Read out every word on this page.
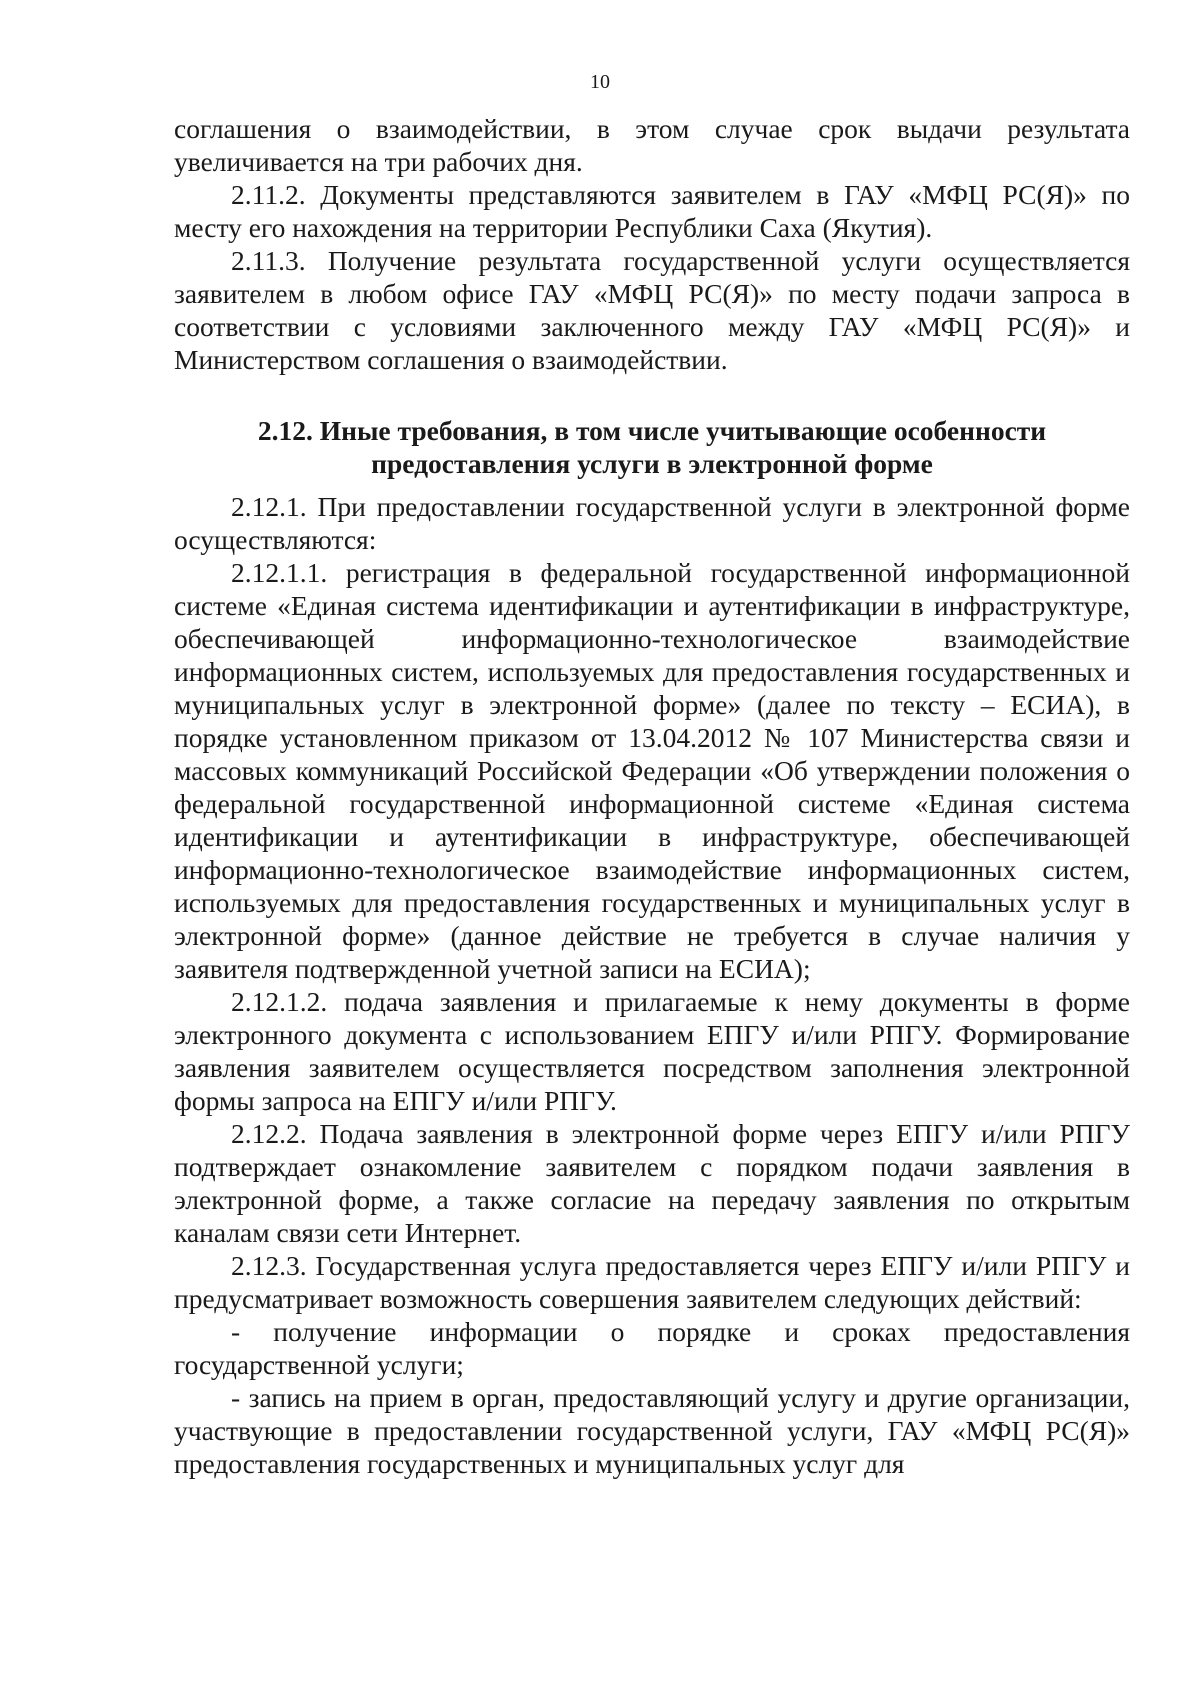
10

соглашения о взаимодействии, в этом случае срок выдачи результата увеличивается на три рабочих дня.

2.11.2. Документы представляются заявителем в ГАУ «МФЦ РС(Я)» по месту его нахождения на территории Республики Саха (Якутия).

2.11.3. Получение результата государственной услуги осуществляется заявителем в любом офисе ГАУ «МФЦ РС(Я)» по месту подачи запроса в соответствии с условиями заключенного между ГАУ «МФЦ РС(Я)» и Министерством соглашения о взаимодействии.

2.12. Иные требования, в том числе учитывающие особенности предоставления услуги в электронной форме

2.12.1. При предоставлении государственной услуги в электронной форме осуществляются:

2.12.1.1. регистрация в федеральной государственной информационной системе «Единая система идентификации и аутентификации в инфраструктуре, обеспечивающей информационно-технологическое взаимодействие информационных систем, используемых для предоставления государственных и муниципальных услуг в электронной форме» (далее по тексту – ЕСИА), в порядке установленном приказом от 13.04.2012 № 107 Министерства связи и массовых коммуникаций Российской Федерации «Об утверждении положения о федеральной государственной информационной системе «Единая система идентификации и аутентификации в инфраструктуре, обеспечивающей информационно-технологическое взаимодействие информационных систем, используемых для предоставления государственных и муниципальных услуг в электронной форме» (данное действие не требуется в случае наличия у заявителя подтвержденной учетной записи на ЕСИА);

2.12.1.2. подача заявления и прилагаемые к нему документы в форме электронного документа с использованием ЕПГУ и/или РПГУ. Формирование заявления заявителем осуществляется посредством заполнения электронной формы запроса на ЕПГУ и/или РПГУ.

2.12.2. Подача заявления в электронной форме через ЕПГУ и/или РПГУ подтверждает ознакомление заявителем с порядком подачи заявления в электронной форме, а также согласие на передачу заявления по открытым каналам связи сети Интернет.

2.12.3. Государственная услуга предоставляется через ЕПГУ и/или РПГУ и предусматривает возможность совершения заявителем следующих действий:

- получение информации о порядке и сроках предоставления государственной услуги;

- запись на прием в орган, предоставляющий услугу и другие организации, участвующие в предоставлении государственной услуги, ГАУ «МФЦ РС(Я)» предоставления государственных и муниципальных услуг для
